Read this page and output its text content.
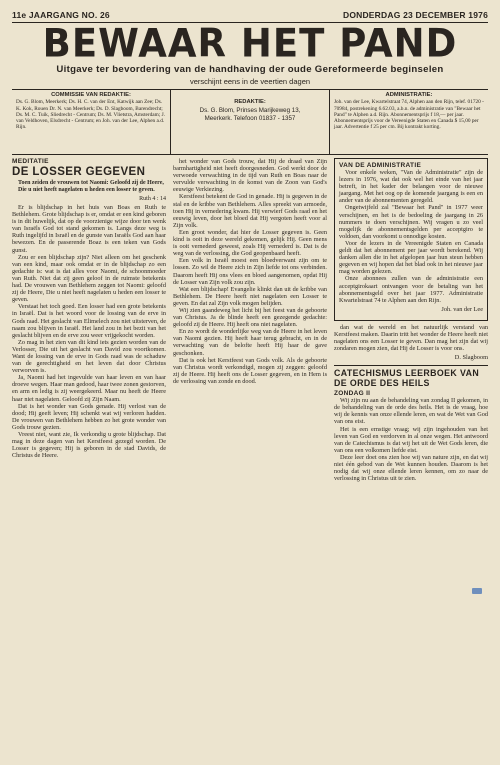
11e JAARGANG NO. 26	DONDERDAG 23 DECEMBER 1976
BEWAAR HET PAND
Uitgave ter bevordering van de handhaving der oude Gereformeerde beginselen
verschijnt eens in de veertien dagen
COMMISSIE VAN REDAKTIE:
Ds. G. Blom, Meerkerk; Ds. H. C. van der Ent, Katwijk aan Zee; Ds. K. Kok, Rouen Dr. N. van Meerkerk; Ds. D. Slagboom, Barendrecht; Ds. M. C. Tuik, Sliedrecht - Centrum; Ds. M. Vlietstra, Amsterdam; J. van Veldhoven, Elsdrecht - Centrum; en Joh. van der Lee, Alphen a.d. Rijn.
REDAKTIE:
Ds. G. Blom, Prinses Marijkeweg 13,
Meerkerk. Telefoon 01837 - 1357
ADMINISTRATIE:
Joh. van der Lee, Kwartelstraat 74, Alphen aan den Rijn, telef. 01720 - 70984, postrekening 6.62.03, a.b.n. de administratie van "Bewaar het Pand" te Alphen a.d. Rijn. Abonnementsprijs f 18,— per jaar. Abonnementsprijs voor de Vereenigde Staten en Canada $ 15,00 per jaar. Advertentie f 25 per cm. Bij kontrakt korting.
MEDITATIE
DE LOSSER GEGEVEN
Toen zeiden de vrouwen tot Naomi: Geloofd zij de Heere, Die u niet heeft nagelaten u heden een losser te geven.
Ruth 4 : 14

Er is blijdschap in het huis van Boas en Ruth te Bethlehem. Grote blijdschap is er, omdat er een kind geboren is in dit huwelijk, dat op de voorzienige wijze door ten wenk van Israëls God tot stand gekomen is. Langs deze weg is Ruth ingelijfd in Israël en de gunste van Israëls God aan haar bewezen. En de passerende Boaz is een teken van Gods gunst.

Zou er een blijdschap zijn? Niet alleen om het geschenk van een kind, maar ook omdat er in de blijdschap zo een gedachte is: wat is dat alles voor Naomi, de schoonmoeder van Ruth. Niet dat zij geen geloof in de ruimste betekenis had. De vrouwen van Bethlehem zeggen tot Naomi: geloofd zij de Heere, Die u niet heeft nagelaten u heden een losser te geven.

Verstaat het toch goed. Een losser had een grote betekenis in Israël. Dat is het woord voor de lossing van de erve in Gods raad. Het geslacht van Elimelech zou niet uitsterven, de naam zou blijven in Israël. Het land zou in het bezit van het geslacht blijven en de erve zou weer vrijgekocht worden.

Zo mag in het zien van dit kind iets gezien worden van de Verlosser, Die uit het geslacht van David zou voortkomen. Want de lossing van de erve in Gods raad was de schaduw van de gerechtigheid en het leven dat door Christus verworven is.

Ja, Naomi had het ingevulde van haar leven en van haar droeve wegen. Haar man gedood, haar twee zonen gestorven, en arm en ledig is zij weergekeerd. Maar nu heeft de Heere haar niet nagelaten. Geloofd zij Zijn Naam.

Dat is het wonder van Gods genade. Hij verlost van de dood; Hij geeft leven; Hij schenkt wat wij verloren hadden. De vrouwen van Bethlehem hebben zo het grote wonder van Gods trouw gezien.

Vreest niet, want zie, Ik verkondig u grote blijdschap. Dat mag in deze dagen van het Kerstfeest gezegd worden. De Losser is gegeven; Hij is geboren in de stad Davids, de Christus de Heere.

het wonder van Gods trouw, dat Hij de draad van Zijn barmhartigheid niet heeft doorgesneden. God werkt door de verwoede verwachting in de tijd van Ruth en Boas naar de vervulde verwachting in de komst van de Zoon van God's eeuwige Verkiezing.

Kerstfeest betekent de God in genade. Hij is gegeven in de stal en de kribbe van Bethlehem. Alles spreekt van armoede, toen Hij in vernedering kwam. Hij verwierf Gods raad en het eeuwig leven, door het bloed dat Hij vergoten heeft voor al Zijn volk.

Een groot wonder, dat hier de Losser gegeven is. Geen kind is ooit in deze wereld gekomen, gelijk Hij. Geen mens is ooit vernederd geweest, zoals Hij vernederd is. Dat is de weg van de verlossing, die God geopenbaard heeft.

Een volk in Israël moest een bloedverwant zijn om te lossen. Zo wil de Heere zich in Zijn liefde tot ons verbinden. Daarom heeft Hij ons vlees en bloed aangenomen, opdat Hij de Losser van Zijn volk zou zijn.

Wat een blijdschap! Evangelie klinkt dan uit de kribbe van Bethlehem. De Heere heeft niet nagelaten een Losser te geven. En dat zal Zijn volk mogen belijden.

Wij zien gaandeweg het licht bij het feest van de geboorte van Christus. Ja de blinde heeft een gezegende gedachte: geloofd zij de Heere. Hij heeft ons niet nagelaten.

En zo wordt de wonderlijke weg van de Heere in het leven van Naomi gezien. Hij heeft haar terug gebracht, en in de verwachting van de belofte heeft Hij haar de gave geschonken.

Dat is ook het Kerstfeest van Gods volk. Als de geboorte van Christus wordt verkondigd, mogen zij zeggen: geloofd zij de Heere. Hij heeft ons de Losser gegeven, en in Hem is de verlossing van zonde en dood.

VAN DE ADMINISTRATIE

Voor enkele weken, "Van de Administratie" zijn de lezers in 1976, wat dat ook wel het einde van het jaar betreft, in het kader der belangen voor de nieuwe jaargang. Met het oog op de komende jaargang is een en ander van de abonnementen geregeld.

Ongetwijfeld zal "Bewaar het Pand" in 1977 weer verschijnen, en het is de bedoeling de jaargang in 26 nummers te doen verschijnen. Wij vragen u zo veel mogelijk de abonnementsgelden per acceptgiro te voldoen, dan voorkomt u onnodige kosten.

Voor de lezers in de Vereenigde Staten en Canada geldt dat het abonnement per jaar wordt berekend. Wij danken allen die in het afgelopen jaar hun steun hebben gegeven en wij hopen dat het blad ook in het nieuwe jaar mag worden gelezen.

Onze abonnees zullen van de administratie een acceptgirokaart ontvangen voor de betaling van het abonnementsgeld over het jaar 1977. Administratie Kwartelstraat 74 te Alphen aan den Rijn.

Joh. van der Lee

dan wat de wereld en het natuurlijk verstand van Kerstfeest maken. Daarin tritt het wonder de Heere heeft niet nagelaten ons een Losser te geven. Dan mag het zijn dat wij zondaren mogen zien, dat Hij de Losser is voor ons.

D. Slagboom
CATECHISMUS LEERBOEK VAN DE ORDE DES HEILS
ZONDAG II

Wij zijn nu aan de behandeling van zondag II gekomen, in de behandeling van de orde des heils. Het is de vraag, hoe wij de kennis van onze ellende leren, en wat de Wet van God van ons eist.

Het is een ernstige vraag; wij zijn ingehouden van het leven van God en verdorven in al onze wegen. Het antwoord van de Catechismus is dat wij het uit de Wet Gods leren, die van ons een volkomen liefde eist.

Deze leer doet ons zien hoe wij van nature zijn, en dat wij niet één gebod van de Wet kunnen houden. Daarom is het nodig dat wij onze ellende leren kennen, om zo naar de verlossing in Christus uit te zien.
